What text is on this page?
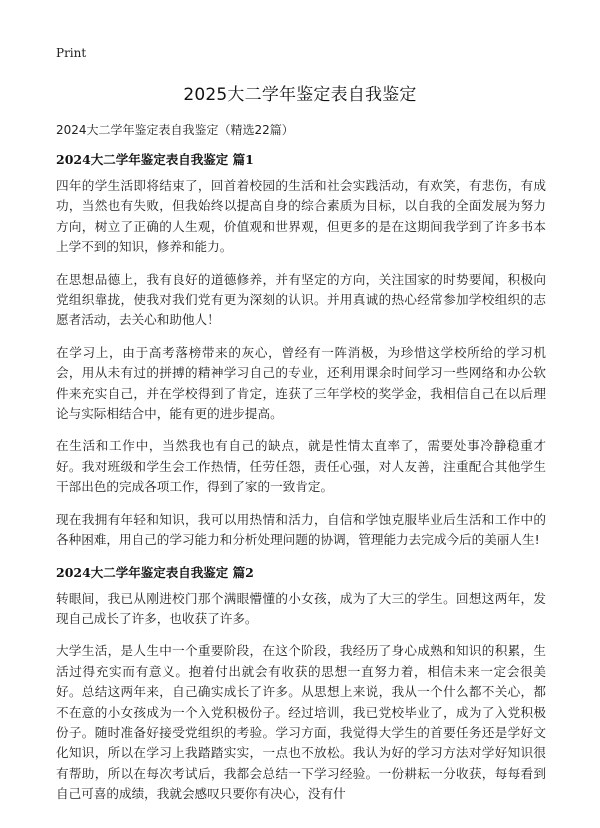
Print
2025大二学年鉴定表自我鉴定
2024大二学年鉴定表自我鉴定（精选22篇）
2024大二学年鉴定表自我鉴定 篇1

四年的学生活即将结束了，回首着校园的生活和社会实践活动，有欢笑，有悲伤，有成功，当然也有失败，但我始终以提高自身的综合素质为目标，以自我的全面发展为努力方向，树立了正确的人生观，价值观和世界观，但更多的是在这期间我学到了许多书本上学不到的知识，修养和能力。

在思想品德上，我有良好的道德修养，并有坚定的方向，关注国家的时势要闻，积极向党组织靠拢，使我对我们党有更为深刻的认识。并用真诚的热心经常参加学校组织的志愿者活动，去关心和助他人！

在学习上，由于高考落榜带来的灰心，曾经有一阵消极，为珍惜这学校所给的学习机会，用从未有过的拼搏的精神学习自己的专业，还利用课余时间学习一些网络和办公软件来充实自己，并在学校得到了肯定，连获了三年学校的奖学金，我相信自己在以后理论与实际相结合中，能有更的进步提高。

在生活和工作中，当然我也有自己的缺点，就是性情太直率了，需要处事冷静稳重才好。我对班级和学生会工作热情，任劳任怨，责任心强，对人友善，注重配合其他学生干部出色的完成各项工作，得到了家的一致肯定。

现在我拥有年轻和知识，我可以用热情和活力，自信和学蚀克服毕业后生活和工作中的各种困难，用自己的学习能力和分析处理问题的协调，管理能力去完成今后的美丽人生!

2024大二学年鉴定表自我鉴定 篇2

转眼间，我已从刚进校门那个满眼懵懂的小女孩，成为了大三的学生。回想这两年，发现自己成长了许多，也收获了许多。

大学生活，是人生中一个重要阶段，在这个阶段，我经历了身心成熟和知识的积累，生活过得充实而有意义。抱着付出就会有收获的思想一直努力着，相信未来一定会很美好。总结这两年来，自己确实成长了许多。从思想上来说，我从一个什么都不关心，都不在意的小女孩成为一个入党积极份子。经过培训，我已党校毕业了，成为了入党积极份子。随时准备好接受党组织的考验。学习方面，我觉得大学生的首要任务还是学好文化知识，所以在学习上我踏踏实实，一点也不放松。我认为好的学习方法对学好知识很有帮助，所以在每次考试后，我都会总结一下学习经验。一份耕耘一分收获，每每看到自己可喜的成绩，我就会感叹只要你有决心，没有什
